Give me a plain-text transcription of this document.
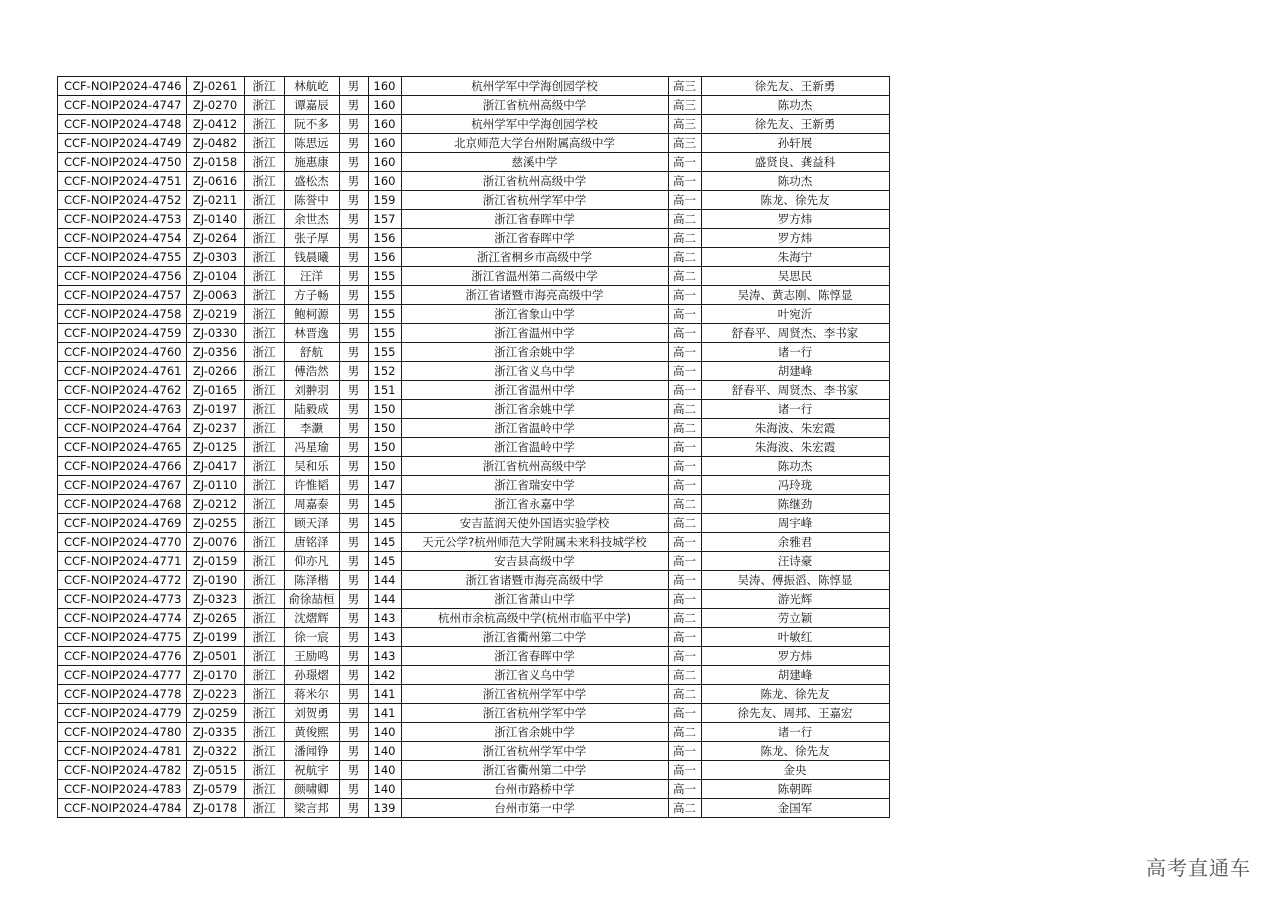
CCF-NOIP2024-4746	ZJ-0261	浙江	林航屹	男	160	杭州学军中学海创园学校	高三	徐先友、王新勇
CCF-NOIP2024-4747	ZJ-0270	浙江	谭嘉辰	男	160	浙江省杭州高级中学	高三	陈功杰
CCF-NOIP2024-4748	ZJ-0412	浙江	阮不多	男	160	杭州学军中学海创园学校	高三	徐先友、王新勇
CCF-NOIP2024-4749	ZJ-0482	浙江	陈思远	男	160	北京师范大学台州附属高级中学	高三	孙轩展
CCF-NOIP2024-4750	ZJ-0158	浙江	施惠康	男	160	慈溪中学	高一	盛贤良、龚益科
CCF-NOIP2024-4751	ZJ-0616	浙江	盛松杰	男	160	浙江省杭州高级中学	高一	陈功杰
CCF-NOIP2024-4752	ZJ-0211	浙江	陈誉中	男	159	浙江省杭州学军中学	高一	陈龙、徐先友
CCF-NOIP2024-4753	ZJ-0140	浙江	余世杰	男	157	浙江省春晖中学	高二	罗方炜
CCF-NOIP2024-4754	ZJ-0264	浙江	张子厚	男	156	浙江省春晖中学	高二	罗方炜
CCF-NOIP2024-4755	ZJ-0303	浙江	钱晨曦	男	156	浙江省桐乡市高级中学	高二	朱海宁
CCF-NOIP2024-4756	ZJ-0104	浙江	汪洋	男	155	浙江省温州第二高级中学	高二	吴思民
CCF-NOIP2024-4757	ZJ-0063	浙江	方子畅	男	155	浙江省诸暨市海亮高级中学	高一	吴涛、黄志刚、陈惇显
CCF-NOIP2024-4758	ZJ-0219	浙江	鲍柯源	男	155	浙江省象山中学	高一	叶宛沂
CCF-NOIP2024-4759	ZJ-0330	浙江	林晋逸	男	155	浙江省温州中学	高一	舒春平、周贤杰、李书家
CCF-NOIP2024-4760	ZJ-0356	浙江	舒航	男	155	浙江省余姚中学	高一	诸一行
CCF-NOIP2024-4761	ZJ-0266	浙江	傅浩然	男	152	浙江省义乌中学	高一	胡建峰
CCF-NOIP2024-4762	ZJ-0165	浙江	刘翀羽	男	151	浙江省温州中学	高一	舒春平、周贤杰、李书家
CCF-NOIP2024-4763	ZJ-0197	浙江	陆毅成	男	150	浙江省余姚中学	高二	诸一行
CCF-NOIP2024-4764	ZJ-0237	浙江	李灏	男	150	浙江省温岭中学	高二	朱海波、朱宏霞
CCF-NOIP2024-4765	ZJ-0125	浙江	冯星瑜	男	150	浙江省温岭中学	高一	朱海波、朱宏霞
CCF-NOIP2024-4766	ZJ-0417	浙江	吴和乐	男	150	浙江省杭州高级中学	高一	陈功杰
CCF-NOIP2024-4767	ZJ-0110	浙江	许惟韬	男	147	浙江省瑞安中学	高一	冯玲珑
CCF-NOIP2024-4768	ZJ-0212	浙江	周嘉泰	男	145	浙江省永嘉中学	高二	陈继劲
CCF-NOIP2024-4769	ZJ-0255	浙江	顾天泽	男	145	安吉蓝润天使外国语实验学校	高二	周宇峰
CCF-NOIP2024-4770	ZJ-0076	浙江	唐铭泽	男	145	天元公学?杭州师范大学附属未来科技城学校	高一	余雅君
CCF-NOIP2024-4771	ZJ-0159	浙江	仰亦凡	男	145	安吉县高级中学	高一	汪诗豪
CCF-NOIP2024-4772	ZJ-0190	浙江	陈泽楷	男	144	浙江省诸暨市海亮高级中学	高一	吴涛、傅振滔、陈惇显
CCF-NOIP2024-4773	ZJ-0323	浙江	俞徐喆桓	男	144	浙江省萧山中学	高一	游光辉
CCF-NOIP2024-4774	ZJ-0265	浙江	沈熠辉	男	143	杭州市余杭高级中学(杭州市临平中学)	高二	劳立颖
CCF-NOIP2024-4775	ZJ-0199	浙江	徐一宸	男	143	浙江省衢州第二中学	高一	叶敏红
CCF-NOIP2024-4776	ZJ-0501	浙江	王励鸣	男	143	浙江省春晖中学	高一	罗方炜
CCF-NOIP2024-4777	ZJ-0170	浙江	孙璟熠	男	142	浙江省义乌中学	高二	胡建峰
CCF-NOIP2024-4778	ZJ-0223	浙江	蒋米尔	男	141	浙江省杭州学军中学	高二	陈龙、徐先友
CCF-NOIP2024-4779	ZJ-0259	浙江	刘贺勇	男	141	浙江省杭州学军中学	高一	徐先友、周邦、王嘉宏
CCF-NOIP2024-4780	ZJ-0335	浙江	黄俊熙	男	140	浙江省余姚中学	高二	诸一行
CCF-NOIP2024-4781	ZJ-0322	浙江	潘闻铮	男	140	浙江省杭州学军中学	高一	陈龙、徐先友
CCF-NOIP2024-4782	ZJ-0515	浙江	祝航宇	男	140	浙江省衢州第二中学	高一	金央
CCF-NOIP2024-4783	ZJ-0579	浙江	颜啸卿	男	140	台州市路桥中学	高一	陈朝晖
CCF-NOIP2024-4784	ZJ-0178	浙江	梁言邦	男	139	台州市第一中学	高二	金国军
高考直通车
